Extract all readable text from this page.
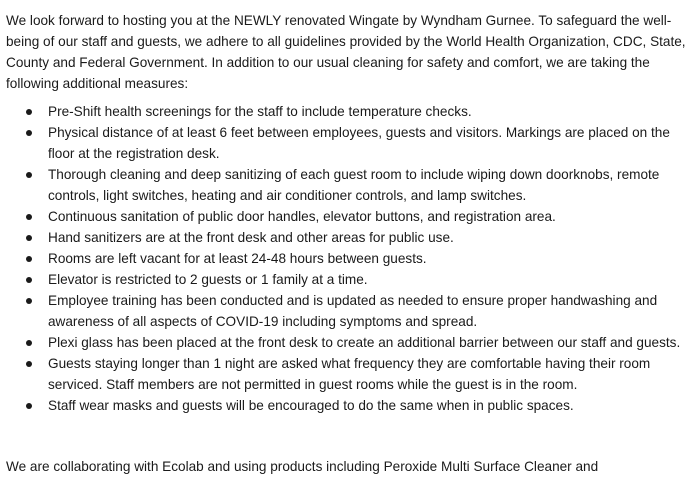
We look forward to hosting you at the NEWLY renovated Wingate by Wyndham Gurnee. To safeguard the well-being of our staff and guests, we adhere to all guidelines provided by the World Health Organization, CDC, State, County and Federal Government. In addition to our usual cleaning for safety and comfort, we are taking the following additional measures:

Pre-Shift health screenings for the staff to include temperature checks.
Physical distance of at least 6 feet between employees, guests and visitors. Markings are placed on the floor at the registration desk.
Thorough cleaning and deep sanitizing of each guest room to include wiping down doorknobs, remote controls, light switches, heating and air conditioner controls, and lamp switches.
Continuous sanitation of public door handles, elevator buttons, and registration area.
Hand sanitizers are at the front desk and other areas for public use.
Rooms are left vacant for at least 24-48 hours between guests.
Elevator is restricted to 2 guests or 1 family at a time.
Employee training has been conducted and is updated as needed to ensure proper handwashing and awareness of all aspects of COVID-19 including symptoms and spread.
Plexi glass has been placed at the front desk to create an additional barrier between our staff and guests.
Guests staying longer than 1 night are asked what frequency they are comfortable having their room serviced. Staff members are not permitted in guest rooms while the guest is in the room.
Staff wear masks and guests will be encouraged to do the same when in public spaces.

We are collaborating with Ecolab and using products including Peroxide Multi Surface Cleaner and
